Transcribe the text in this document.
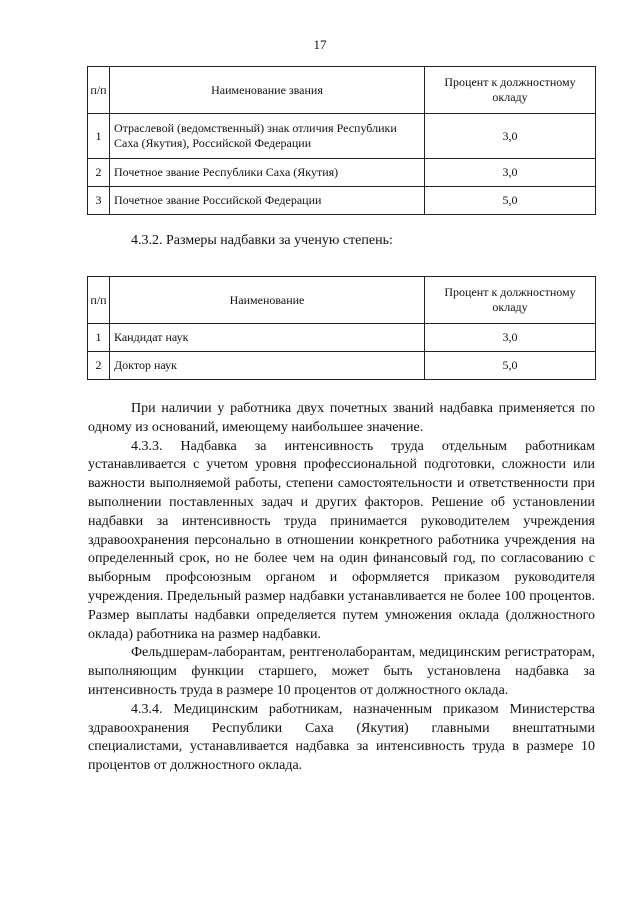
17
п/п	Наименование звания	Процент к должностному окладу
1	Отраслевой (ведомственный) знак отличия Республики Саха (Якутия), Российской Федерации	3,0
2	Почетное звание Республики Саха (Якутия)	3,0
3	Почетное звание Российской Федерации	5,0
4.3.2. Размеры надбавки за ученую степень:
п/п	Наименование	Процент к должностному окладу
1	Кандидат наук	3,0
2	Доктор наук	5,0

При наличии у работника двух почетных званий надбавка применяется по одному из оснований, имеющему наибольшее значение.

4.3.3. Надбавка за интенсивность труда отдельным работникам устанавливается с учетом уровня профессиональной подготовки, сложности или важности выполняемой работы, степени самостоятельности и ответственности при выполнении поставленных задач и других факторов. Решение об установлении надбавки за интенсивность труда принимается руководителем учреждения здравоохранения персонально в отношении конкретного работника учреждения на определенный срок, но не более чем на один финансовый год, по согласованию с выборным профсоюзным органом и оформляется приказом руководителя учреждения. Предельный размер надбавки устанавливается не более 100 процентов. Размер выплаты надбавки определяется путем умножения оклада (должностного оклада) работника на размер надбавки.

Фельдшерам-лаборантам, рентгенолаборантам, медицинским регистраторам, выполняющим функции старшего, может быть установлена надбавка за интенсивность труда в размере 10 процентов от должностного оклада.

4.3.4. Медицинским работникам, назначенным приказом Министерства здравоохранения Республики Саха (Якутия) главными внештатными специалистами, устанавливается надбавка за интенсивность труда в размере 10 процентов от должностного оклада.
